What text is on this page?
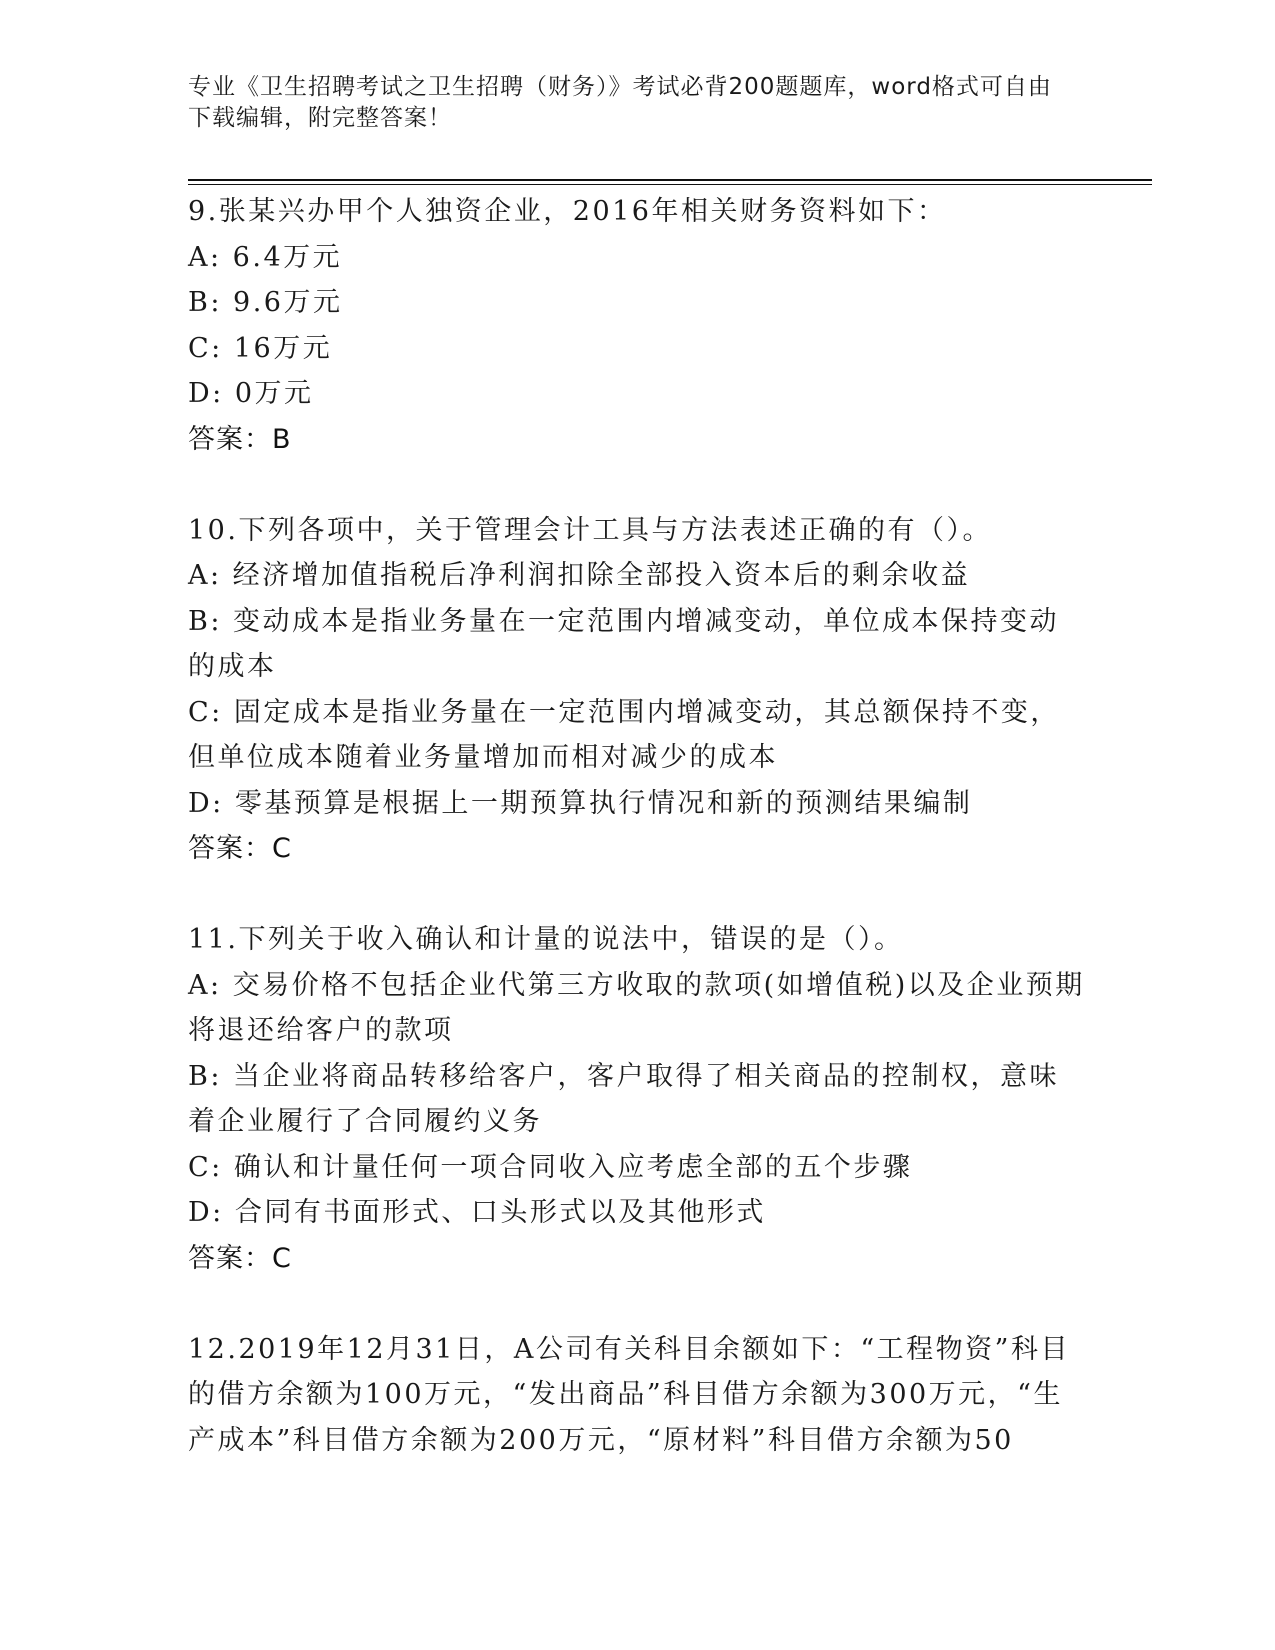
专业《卫生招聘考试之卫生招聘（财务）》考试必背200题题库，word格式可自由下载编辑，附完整答案！

9.张某兴办甲个人独资企业，2016年相关财务资料如下：

A: 6.4万元

B: 9.6万元

C: 16万元

D: 0万元

答案：B

10.下列各项中，关于管理会计工具与方法表述正确的有（）。

A: 经济增加值指税后净利润扣除全部投入资本后的剩余收益

B: 变动成本是指业务量在一定范围内增减变动，单位成本保持变动的成本

C: 固定成本是指业务量在一定范围内增减变动，其总额保持不变，但单位成本随着业务量增加而相对减少的成本

D: 零基预算是根据上一期预算执行情况和新的预测结果编制

答案：C

11.下列关于收入确认和计量的说法中，错误的是（）。

A: 交易价格不包括企业代第三方收取的款项(如增值税)以及企业预期将退还给客户的款项

B: 当企业将商品转移给客户，客户取得了相关商品的控制权，意味着企业履行了合同履约义务

C: 确认和计量任何一项合同收入应考虑全部的五个步骤

D: 合同有书面形式、口头形式以及其他形式

答案：C

12.2019年12月31日，A公司有关科目余额如下：“工程物资”科目的借方余额为100万元，“发出商品”科目借方余额为300万元，“生产成本”科目借方余额为200万元，“原材料”科目借方余额为50
